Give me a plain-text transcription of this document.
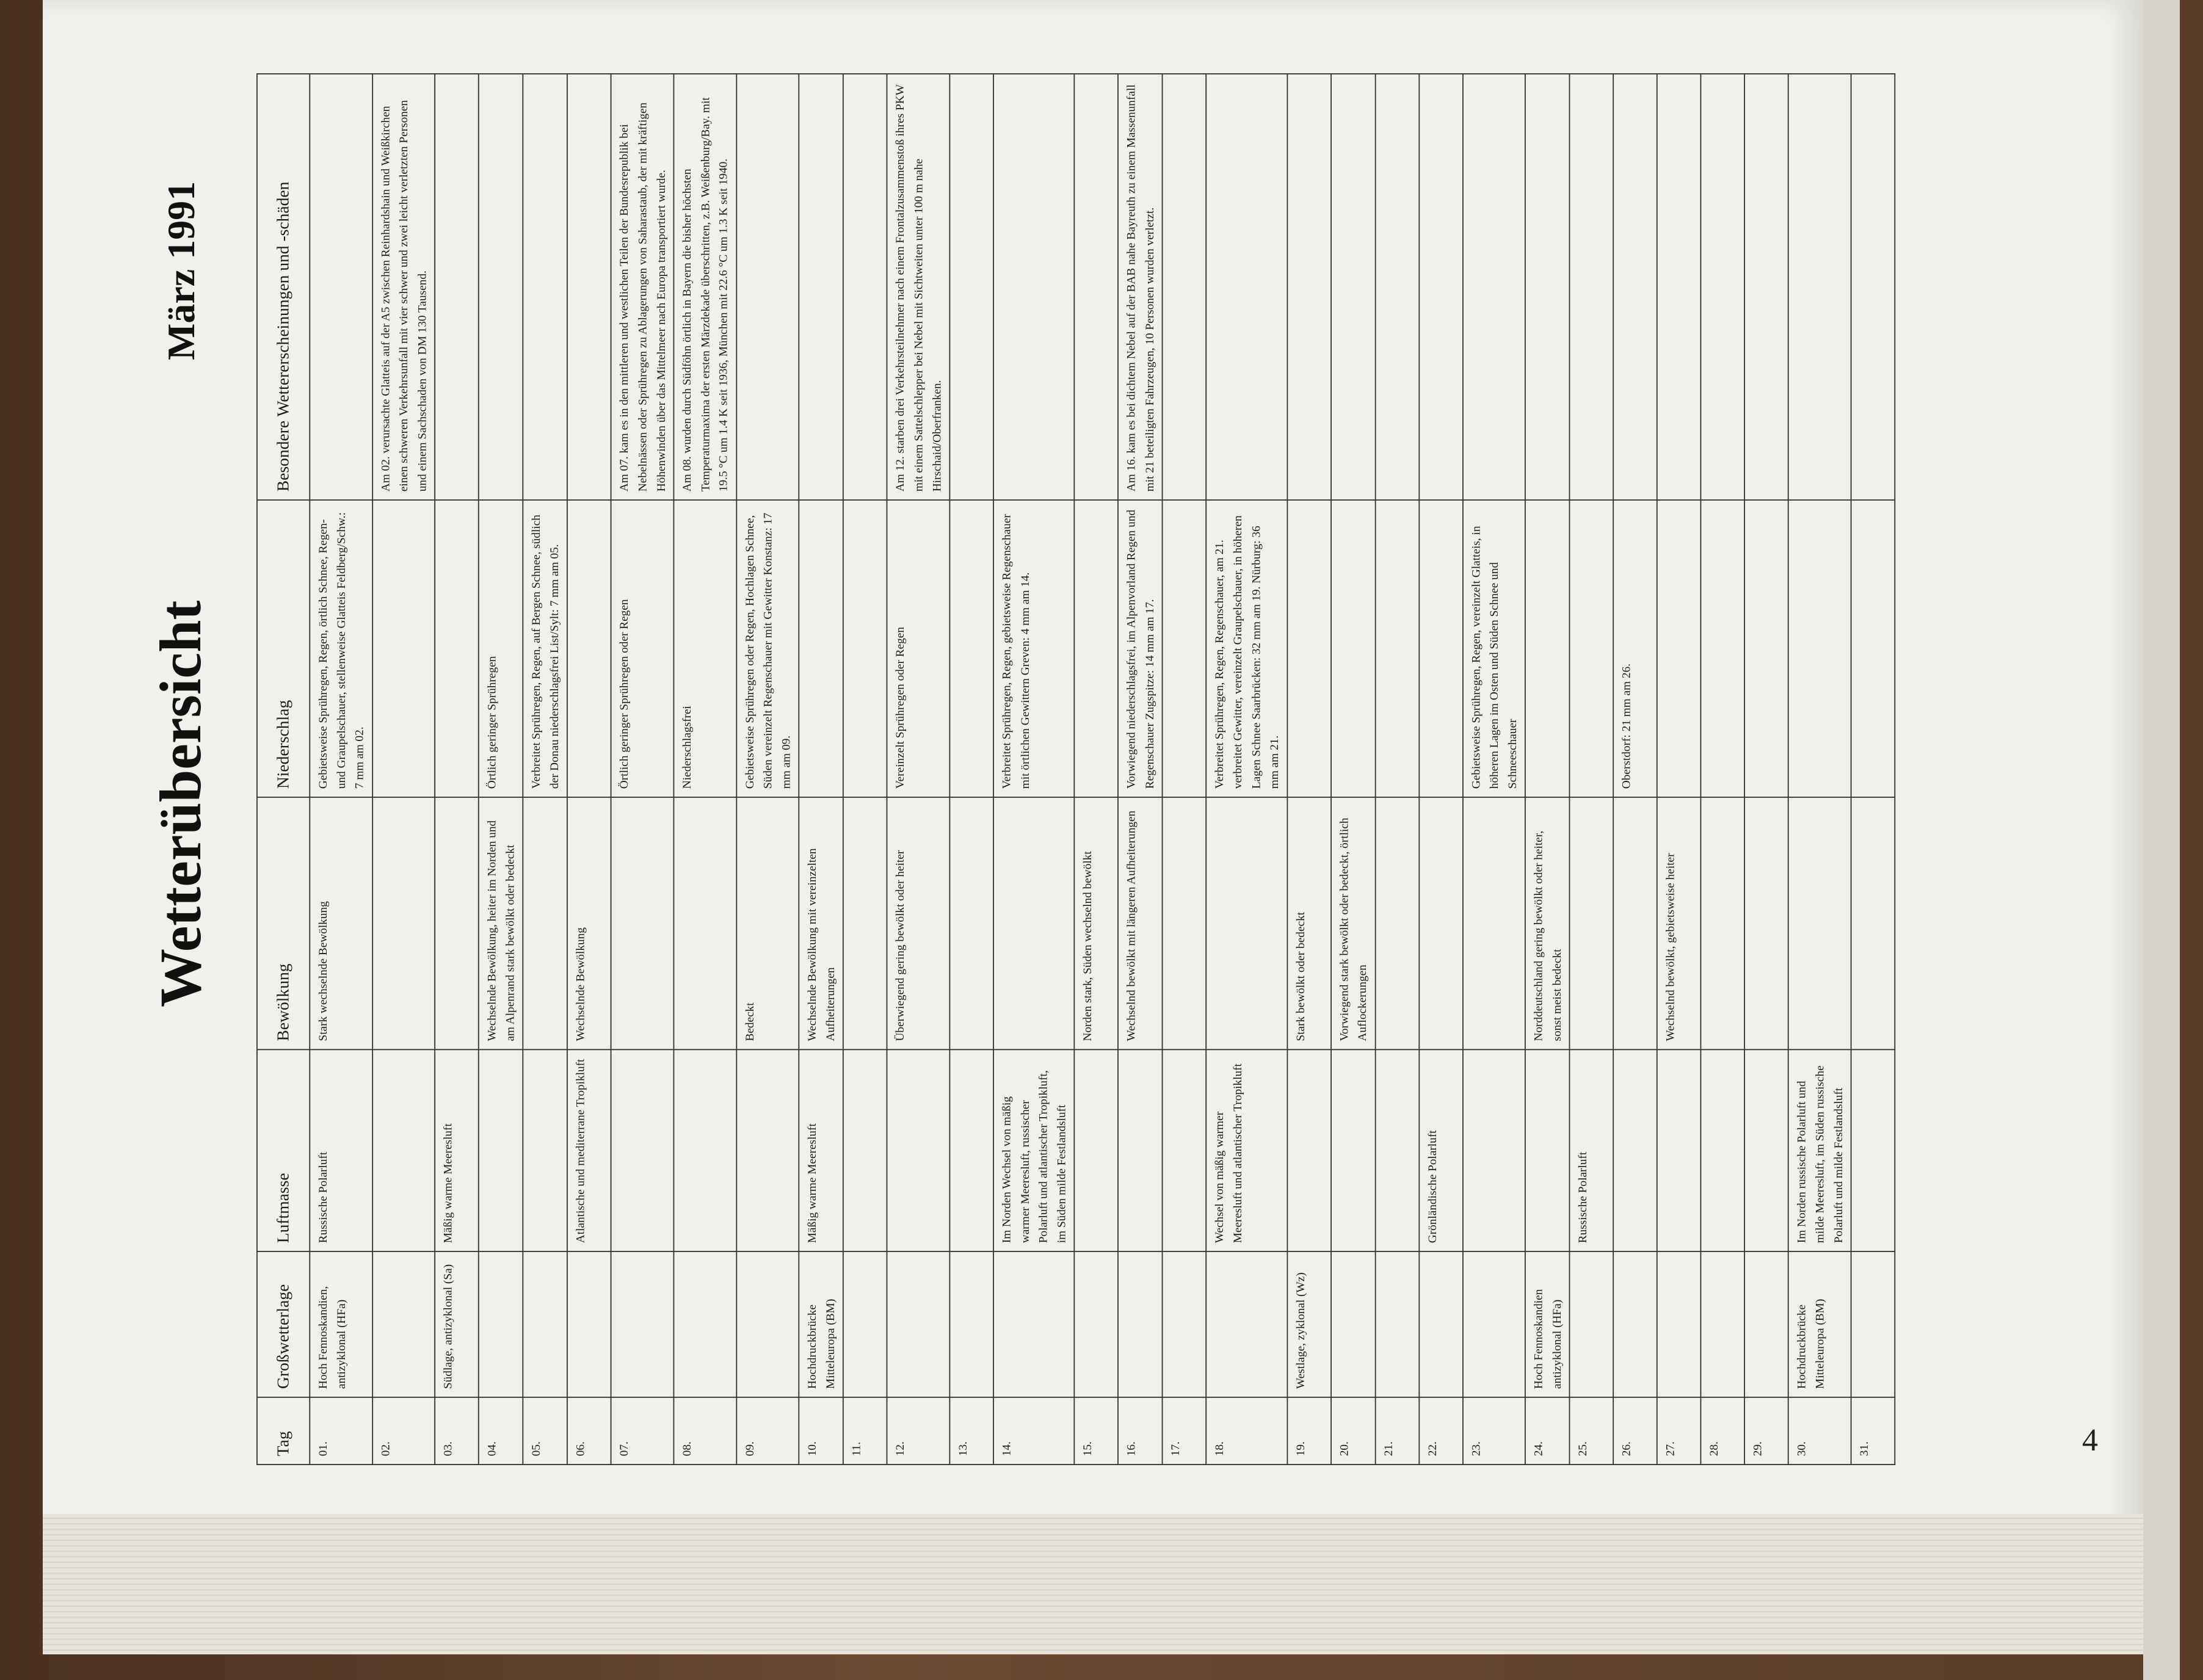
Tag	Großwetterlage	Luftmasse	Bewölkung	Niederschlag	Besondere Wettererscheinungen und -schäden
01.	Hoch Fennoskandien, antizyklonal (HFa)	Russische Polarluft	Stark wechselnde Bewölkung	Gebietsweise Sprühregen, Regen, örtlich Schnee, Regen- und Graupelschauer, stellenweise Glatteis Feldberg/Schw.: 7 mm am 02.	
02.					Am 02. verursachte Glatteis auf der A5 zwischen Reinhardshain und Weißkirchen einen schweren Verkehrsunfall mit vier schwer und zwei leicht verletzten Personen und einem Sachschaden von DM 130 Tausend.
03.	Südlage, antizyklonal (Sa)	Mäßig warme Meeresluft			
04.			Wechselnde Bewölkung, heiter im Norden und am Alpenrand stark bewölkt oder bedeckt	Örtlich geringer Sprühregen	
05.				Verbreitet Sprühregen, Regen, auf Bergen Schnee, südlich der Donau niederschlagsfrei List/Sylt: 7 mm am 05.	
06.		Atlantische und mediterrane Tropikluft	Wechselnde Bewölkung		
07.				Örtlich geringer Sprühregen oder Regen	Am 07. kam es in den mittleren und westlichen Teilen der Bundesrepublik bei Nebelnässen oder Sprühregen zu Ablagerungen von Saharastaub, der mit kräftigen Höhenwinden über das Mittelmeer nach Europa transportiert wurde.
08.				Niederschlagsfrei	Am 08. wurden durch Südföhn örtlich in Bayern die bisher höchsten Temperaturmaxima der ersten Märzdekade überschritten, z.B. Weißenburg/Bay. mit 19.5 °C um 1.4 K seit 1936, München mit 22.6 °C um 1.3 K seit 1940.
09.			Bedeckt	Gebietsweise Sprühregen oder Regen, Hochlagen Schnee, Süden vereinzelt Regenschauer mit Gewitter Konstanz: 17 mm am 09.	
10.	Hochdruckbrücke Mitteleuropa (BM)	Mäßig warme Meeresluft	Wechselnde Bewölkung mit vereinzelten Aufheiterungen		
11.					
12.			Überwiegend gering bewölkt oder heiter	Vereinzelt Sprühregen oder Regen	Am 12. starben drei Verkehrsteilnehmer nach einem Frontalzusammenstoß ihres PKW mit einem Sattelschlepper bei Nebel mit Sichtweiten unter 100 m nahe Hirschaid/Oberfranken.
13.					
14.		Im Norden Wechsel von mäßig warmer Meeresluft, russischer Polarluft und atlantischer Tropikluft, im Süden milde Festlandsluft		Verbreitet Sprühregen, Regen, gebietsweise Regenschauer mit örtlichen Gewittern Greven: 4 mm am 14.	
15.			Norden stark, Süden wechselnd bewölkt		
16.			Wechselnd bewölkt mit längeren Aufheiterungen	Vorwiegend niederschlagsfrei, im Alpenvorland Regen und Regenschauer Zugspitze: 14 mm am 17.	Am 16. kam es bei dichtem Nebel auf der BAB nahe Bayreuth zu einem Massenunfall mit 21 beteiligten Fahrzeugen, 10 Personen wurden verletzt.
17.					
18.		Wechsel von mäßig warmer Meeresluft und atlantischer Tropikluft		Verbreitet Sprühregen, Regen, Regenschauer, am 21. verbreitet Gewitter, vereinzelt Graupelschauer, in höheren Lagen Schnee Saarbrücken: 32 mm am 19. Nürburg: 36 mm am 21.	
19.	Westlage, zyklonal (Wz)		Stark bewölkt oder bedeckt		
20.			Vorwiegend stark bewölkt oder bedeckt, örtlich Auflockerungen		
21.					
22.		Grönländische Polarluft			
23.				Gebietsweise Sprühregen, Regen, vereinzelt Glatteis, in höheren Lagen im Osten und Süden Schnee und Schneeschauer	
24.	Hoch Fennoskandien antizyklonal (HFa)		Norddeutschland gering bewölkt oder heiter, sonst meist bedeckt		
25.		Russische Polarluft			
26.				Oberstdorf: 21 mm am 26.	
27.			Wechselnd bewölkt, gebietsweise heiter		
28.					
29.					
30.	Hochdruckbrücke Mitteleuropa (BM)	Im Norden russische Polarluft und milde Meeresluft, im Süden russische Polarluft und milde Festlandsluft			
31.						4
Wetterübersicht
März 1991
